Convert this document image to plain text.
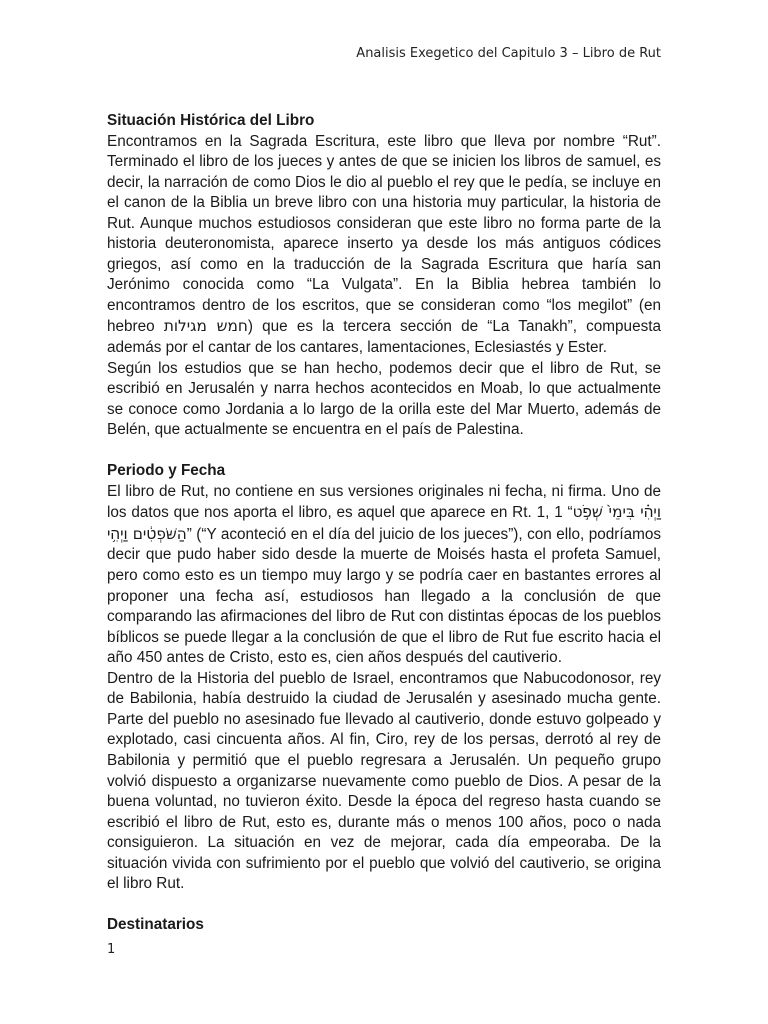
Analisis Exegetico del Capitulo 3 – Libro de Rut

Situación Histórica del Libro

Encontramos en la Sagrada Escritura, este libro que lleva por nombre “Rut”. Terminado el libro de los jueces y antes de que se inicien los libros de samuel, es decir, la narración de como Dios le dio al pueblo el rey que le pedía, se incluye en el canon de la Biblia un breve libro con una historia muy particular, la historia de Rut. Aunque muchos estudiosos consideran que este libro no forma parte de la historia deuteronomista, aparece inserto ya desde los más antiguos códices griegos, así como en la traducción de la Sagrada Escritura que haría san Jerónimo conocida como “La Vulgata”. En la Biblia hebrea también lo encontramos dentro de los escritos, que se consideran como “los megilot” (en hebreo חמש מגילות) que es la tercera sección de “La Tanakh”, compuesta además por el cantar de los cantares, lamentaciones, Eclesiastés y Ester.

Según los estudios que se han hecho, podemos decir que el libro de Rut, se escribió en Jerusalén y narra hechos acontecidos en Moab, lo que actualmente se conoce como Jordania a lo largo de la orilla este del Mar Muerto, además de Belén, que actualmente se encuentra en el país de Palestina.

Periodo y Fecha

El libro de Rut, no contiene en sus versiones originales ni fecha, ni firma. Uno de los datos que nos aporta el libro, es aquel que aparece en Rt. 1, 1 “וַיְהִ֗י בִּימֵי֙ שְׁפֹ֣ט הַשֹּׁפְטִ֔ים וַיְהִ֥י” (“Y aconteció en el día del juicio de los jueces”), con ello, podríamos decir que pudo haber sido desde la muerte de Moisés hasta el profeta Samuel, pero como esto es un tiempo muy largo y se podría caer en bastantes errores al proponer una fecha así, estudiosos han llegado a la conclusión de que comparando las afirmaciones del libro de Rut con distintas épocas de los pueblos bíblicos se puede llegar a la conclusión de que el libro de Rut fue escrito hacia el año 450 antes de Cristo, esto es, cien años después del cautiverio.

Dentro de la Historia del pueblo de Israel, encontramos que Nabucodonosor, rey de Babilonia, había destruido la ciudad de Jerusalén y asesinado mucha gente. Parte del pueblo no asesinado fue llevado al cautiverio, donde estuvo golpeado y explotado, casi cincuenta años. Al fin, Ciro, rey de los persas, derrotó al rey de Babilonia y permitió que el pueblo regresara a Jerusalén. Un pequeño grupo volvió dispuesto a organizarse nuevamente como pueblo de Dios. A pesar de la buena voluntad, no tuvieron éxito. Desde la época del regreso hasta cuando se escribió el libro de Rut, esto es, durante más o menos 100 años, poco o nada consiguieron. La situación en vez de mejorar, cada día empeoraba. De la situación vivida con sufrimiento por el pueblo que volvió del cautiverio, se origina el libro Rut.

Destinatarios

1
